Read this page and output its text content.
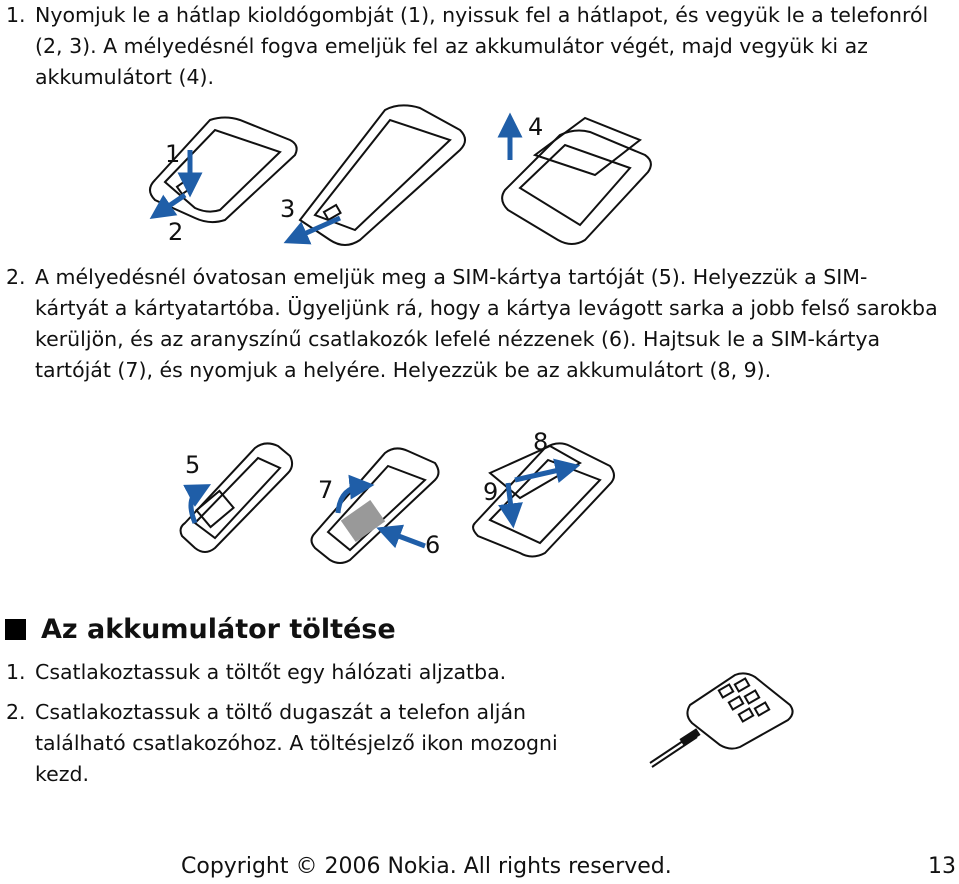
1. Nyomjuk le a hátlap kioldógombját (1), nyissuk fel a hátlapot, és vegyük le a telefonról (2, 3). A mélyedésnél fogva emeljük fel az akkumulátor végét, majd vegyük ki az akkumulátort (4).
1
2
3
4
2. A mélyedésnél óvatosan emeljük meg a SIM-kártya tartóját (5). Helyezzük a SIM-kártyát a kártyatartóba. Ügyeljünk rá, hogy a kártya levágott sarka a jobb felső sarokba kerüljön, és az aranyszínű csatlakozók lefelé nézzenek (6). Hajtsuk le a SIM-kártya tartóját (7), és nyomjuk a helyére. Helyezzük be az akkumulátort (8, 9).
5
7
6
8
9
Az akkumulátor töltése
1. Csatlakoztassuk a töltőt egy hálózati aljzatba.
2. Csatlakoztassuk a töltő dugaszát a telefon alján található csatlakozóhoz. A töltésjelző ikon mozogni kezd.
Copyright © 2006 Nokia. All rights reserved.	13
